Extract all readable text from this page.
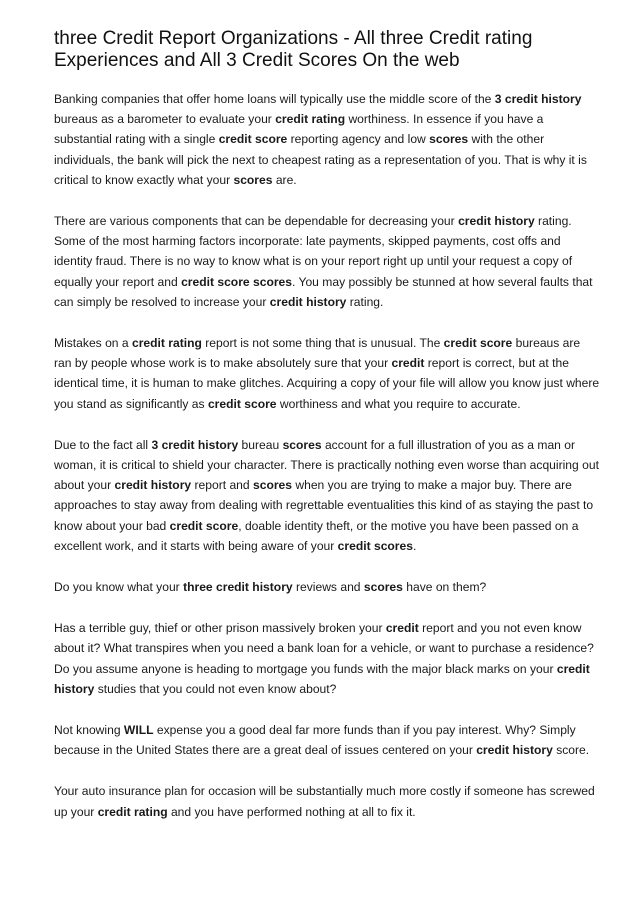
three Credit Report Organizations - All three Credit rating Experiences and All 3 Credit Scores On the web

Banking companies that offer home loans will typically use the middle score of the 3 credit history bureaus as a barometer to evaluate your credit rating worthiness. In essence if you have a substantial rating with a single credit score reporting agency and low scores with the other individuals, the bank will pick the next to cheapest rating as a representation of you. That is why it is critical to know exactly what your scores are.

There are various components that can be dependable for decreasing your credit history rating. Some of the most harming factors incorporate: late payments, skipped payments, cost offs and identity fraud. There is no way to know what is on your report right up until your request a copy of equally your report and credit score scores. You may possibly be stunned at how several faults that can simply be resolved to increase your credit history rating.

Mistakes on a credit rating report is not some thing that is unusual. The credit score bureaus are ran by people whose work is to make absolutely sure that your credit report is correct, but at the identical time, it is human to make glitches. Acquiring a copy of your file will allow you know just where you stand as significantly as credit score worthiness and what you require to accurate.

Due to the fact all 3 credit history bureau scores account for a full illustration of you as a man or woman, it is critical to shield your character. There is practically nothing even worse than acquiring out about your credit history report and scores when you are trying to make a major buy. There are approaches to stay away from dealing with regrettable eventualities this kind of as staying the past to know about your bad credit score, doable identity theft, or the motive you have been passed on a excellent work, and it starts with being aware of your credit scores.

Do you know what your three credit history reviews and scores have on them?

Has a terrible guy, thief or other prison massively broken your credit report and you not even know about it? What transpires when you need a bank loan for a vehicle, or want to purchase a residence? Do you assume anyone is heading to mortgage you funds with the major black marks on your credit history studies that you could not even know about?

Not knowing WILL expense you a good deal far more funds than if you pay interest. Why? Simply because in the United States there are a great deal of issues centered on your credit history score.

Your auto insurance plan for occasion will be substantially much more costly if someone has screwed up your credit rating and you have performed nothing at all to fix it.
